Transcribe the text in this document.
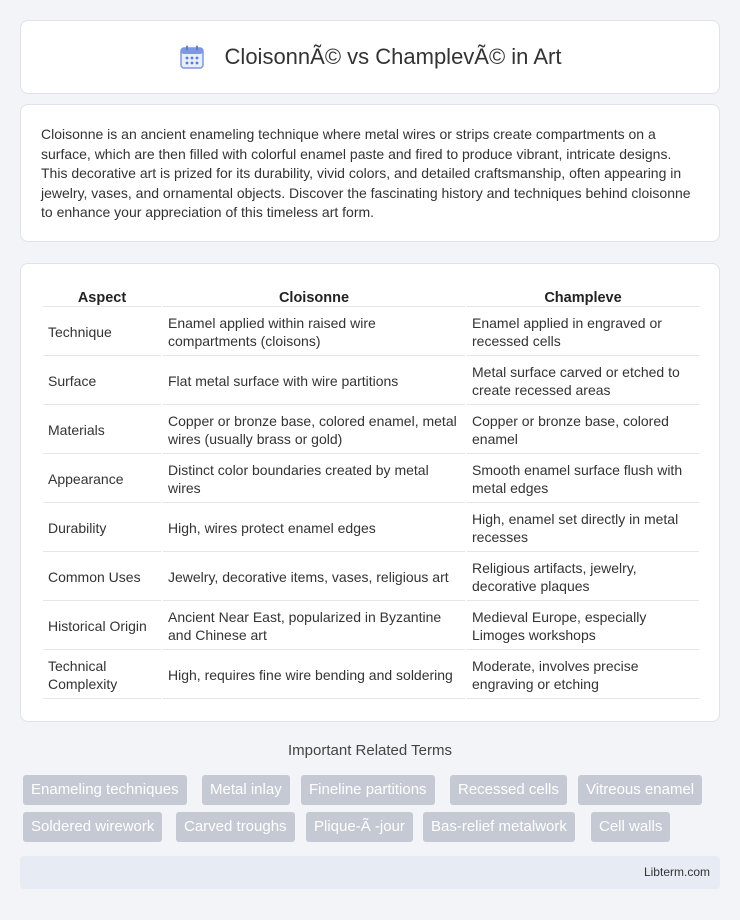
CloisonnÃ© vs ChamplevÃ© in Art

Cloisonne is an ancient enameling technique where metal wires or strips create compartments on a surface, which are then filled with colorful enamel paste and fired to produce vibrant, intricate designs. This decorative art is prized for its durability, vivid colors, and detailed craftsmanship, often appearing in jewelry, vases, and ornamental objects. Discover the fascinating history and techniques behind cloisonne to enhance your appreciation of this timeless art form.

Aspect	Cloisonne	Champleve
Technique	Enamel applied within raised wire compartments (cloisons)	Enamel applied in engraved or recessed cells
Surface	Flat metal surface with wire partitions	Metal surface carved or etched to create recessed areas
Materials	Copper or bronze base, colored enamel, metal wires (usually brass or gold)	Copper or bronze base, colored enamel
Appearance	Distinct color boundaries created by metal wires	Smooth enamel surface flush with metal edges
Durability	High, wires protect enamel edges	High, enamel set directly in metal recesses
Common Uses	Jewelry, decorative items, vases, religious art	Religious artifacts, jewelry, decorative plaques
Historical Origin	Ancient Near East, popularized in Byzantine and Chinese art	Medieval Europe, especially Limoges workshops
Technical Complexity	High, requires fine wire bending and soldering	Moderate, involves precise engraving or etching
Important Related Terms
Enameling techniques	Metal inlay	Fineline partitions	Recessed cells	Vitreous enamel
Soldered wirework	Carved troughs	Plique-Ã -jour	Bas-relief metalwork	Cell walls
Libterm.com
